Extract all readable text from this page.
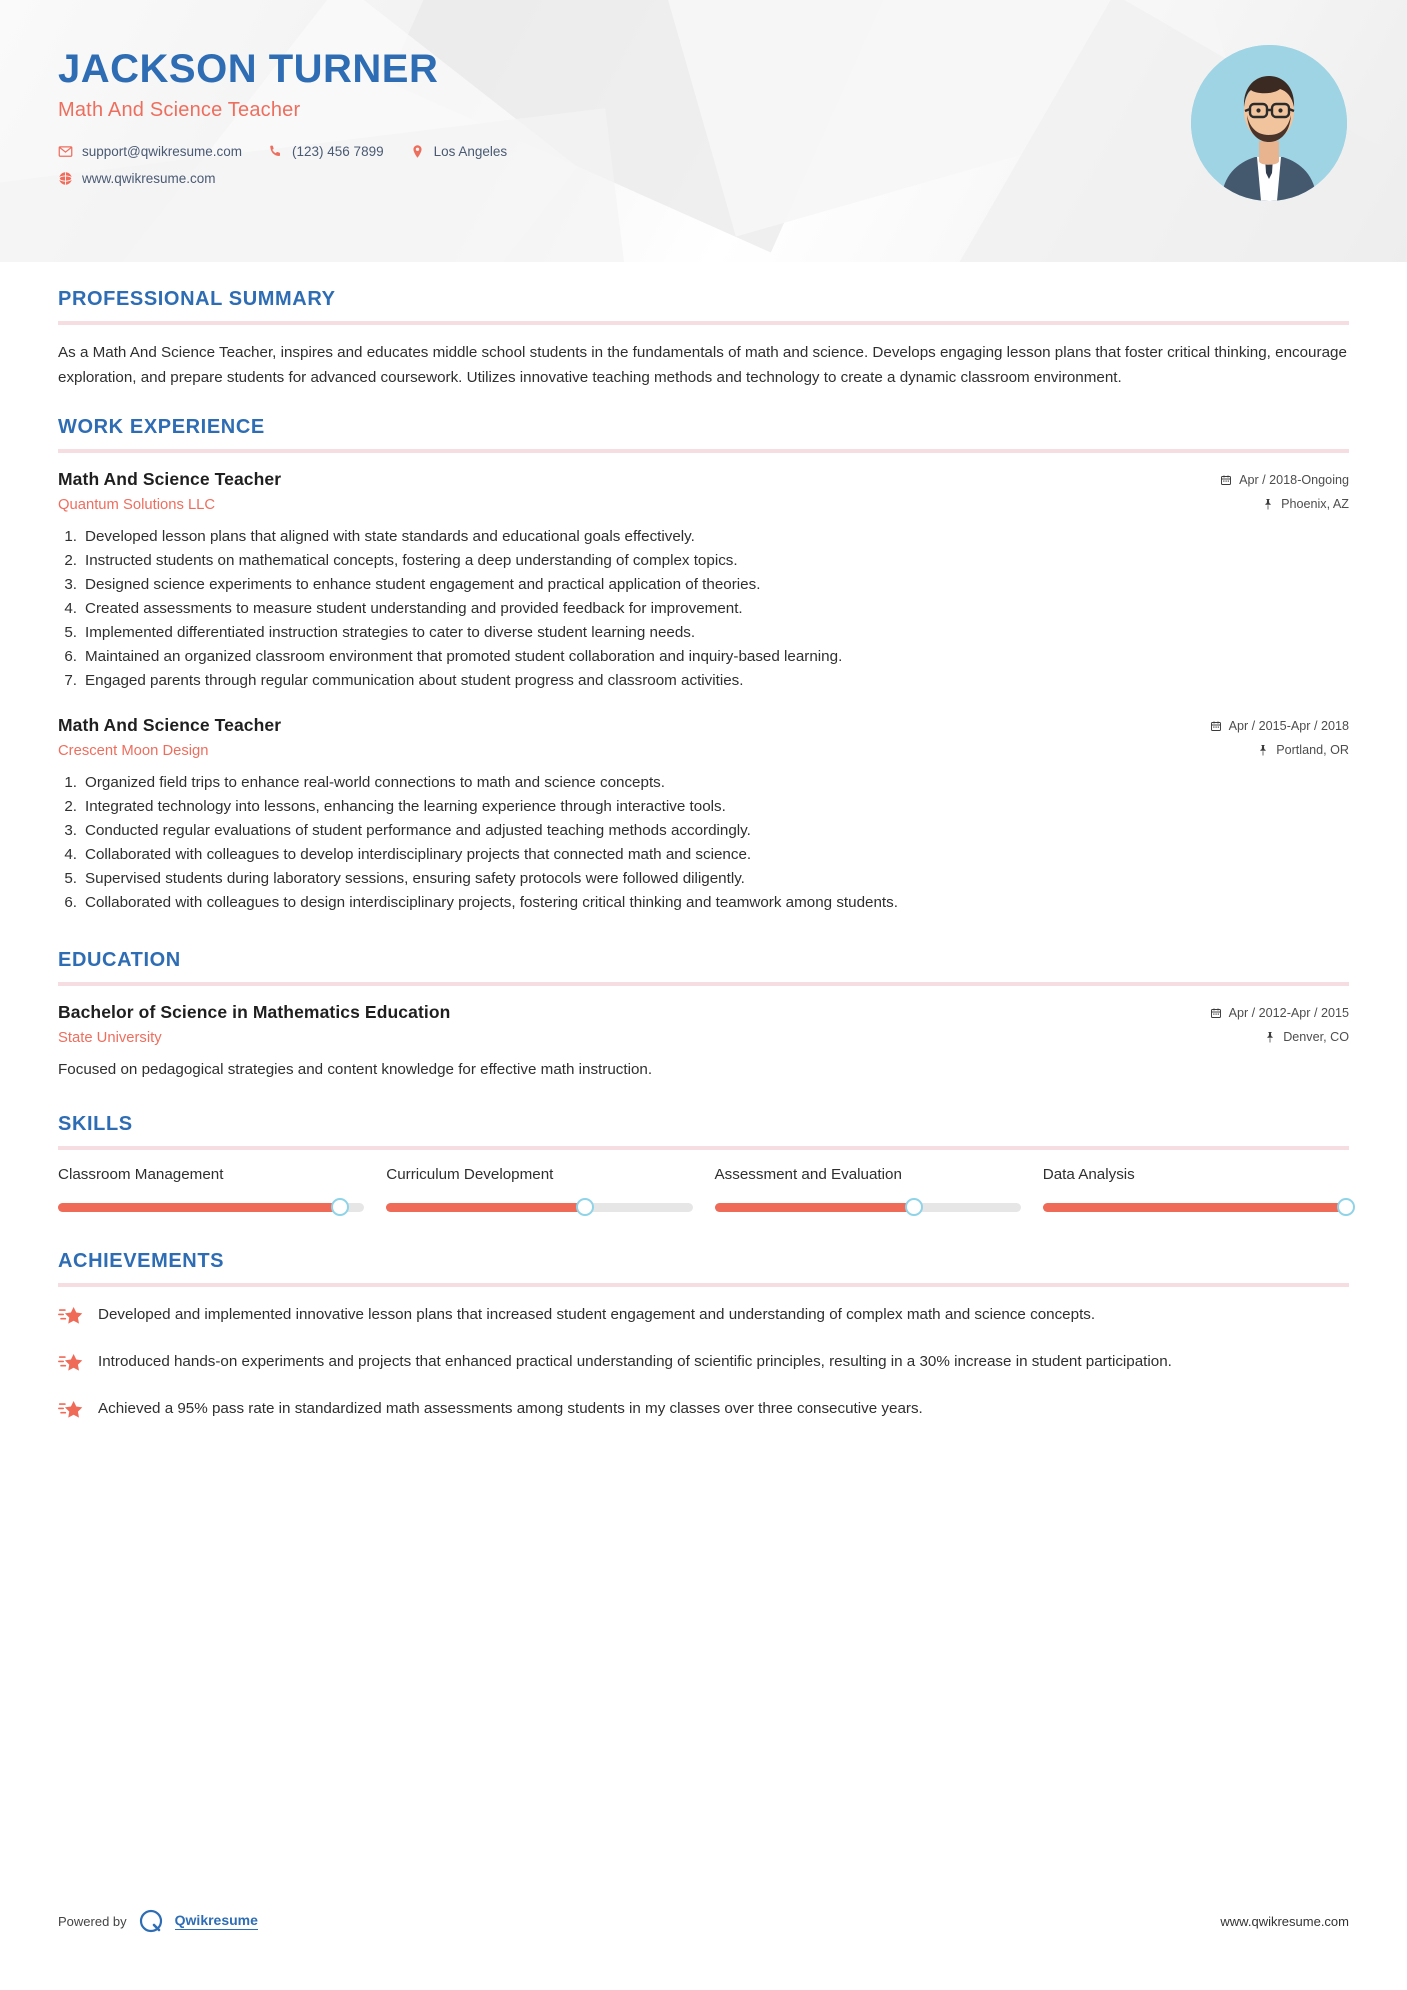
JACKSON TURNER
Math And Science Teacher
support@qwikresume.com	(123) 456 7899	Los Angeles
www.qwikresume.com
PROFESSIONAL SUMMARY
As a Math And Science Teacher, inspires and educates middle school students in the fundamentals of math and science. Develops engaging lesson plans that foster critical thinking, encourage exploration, and prepare students for advanced coursework. Utilizes innovative teaching methods and technology to create a dynamic classroom environment.
WORK EXPERIENCE
Math And Science Teacher
Quantum Solutions LLC
Apr / 2018-Ongoing
Phoenix, AZ
1. Developed lesson plans that aligned with state standards and educational goals effectively.
2. Instructed students on mathematical concepts, fostering a deep understanding of complex topics.
3. Designed science experiments to enhance student engagement and practical application of theories.
4. Created assessments to measure student understanding and provided feedback for improvement.
5. Implemented differentiated instruction strategies to cater to diverse student learning needs.
6. Maintained an organized classroom environment that promoted student collaboration and inquiry-based learning.
7. Engaged parents through regular communication about student progress and classroom activities.
Math And Science Teacher
Crescent Moon Design
Apr / 2015-Apr / 2018
Portland, OR
1. Organized field trips to enhance real-world connections to math and science concepts.
2. Integrated technology into lessons, enhancing the learning experience through interactive tools.
3. Conducted regular evaluations of student performance and adjusted teaching methods accordingly.
4. Collaborated with colleagues to develop interdisciplinary projects that connected math and science.
5. Supervised students during laboratory sessions, ensuring safety protocols were followed diligently.
6. Collaborated with colleagues to design interdisciplinary projects, fostering critical thinking and teamwork among students.
EDUCATION
Bachelor of Science in Mathematics Education
State University
Apr / 2012-Apr / 2015
Denver, CO
Focused on pedagogical strategies and content knowledge for effective math instruction.
SKILLS
Classroom Management	Curriculum Development	Assessment and Evaluation	Data Analysis
ACHIEVEMENTS
Developed and implemented innovative lesson plans that increased student engagement and understanding of complex math and science concepts.
Introduced hands-on experiments and projects that enhanced practical understanding of scientific principles, resulting in a 30% increase in student participation.
Achieved a 95% pass rate in standardized math assessments among students in my classes over three consecutive years.
Powered by	Qwikresume	www.qwikresume.com
